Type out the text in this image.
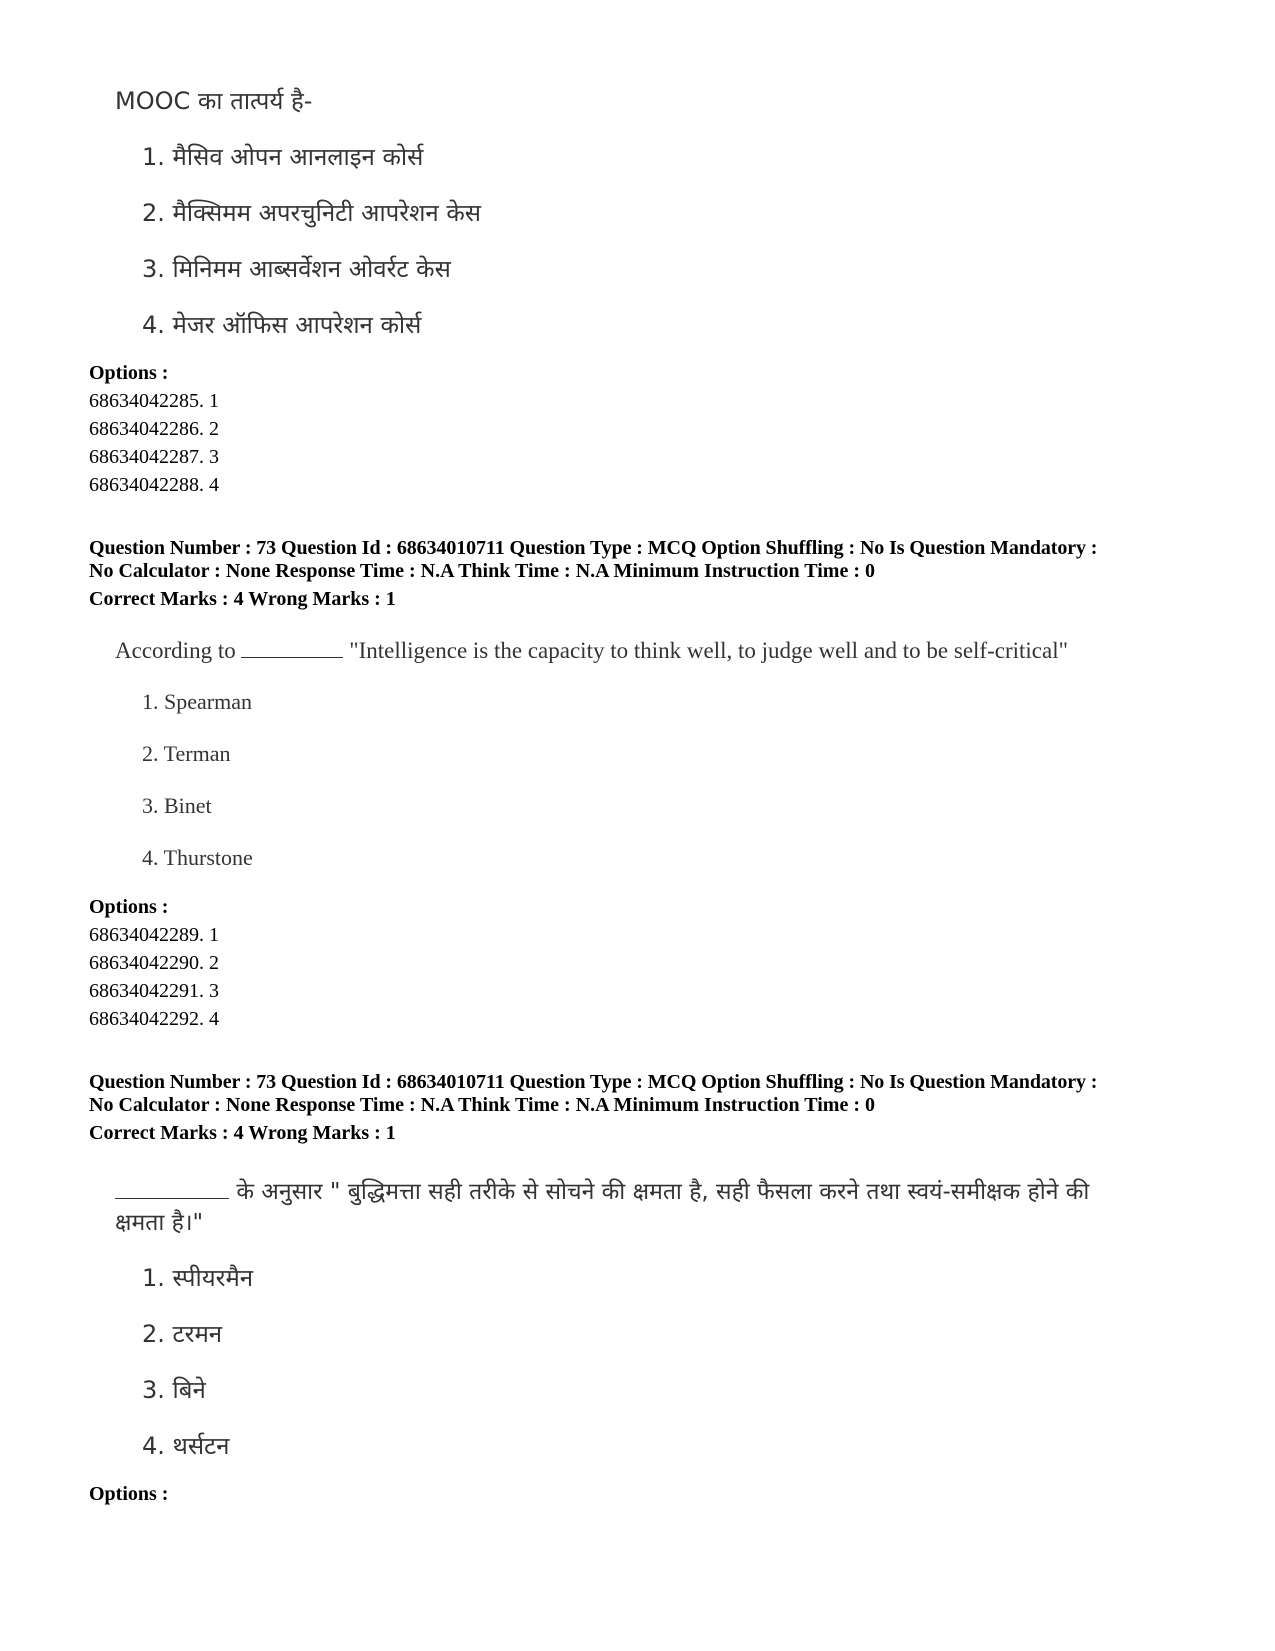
MOOC का तात्पर्य है-
1. मैसिव ओपन आनलाइन कोर्स
2. मैक्सिमम अपरचुनिटी आपरेशन केस
3. मिनिमम आब्सर्वेशन ओवर्रट केस
4. मेजर ऑफिस आपरेशन कोर्स
Options :
68634042285. 1
68634042286. 2
68634042287. 3
68634042288. 4
Question Number : 73 Question Id : 68634010711 Question Type : MCQ Option Shuffling : No Is Question Mandatory :
No Calculator : None Response Time : N.A Think Time : N.A Minimum Instruction Time : 0
Correct Marks : 4 Wrong Marks : 1
According to	"Intelligence is the capacity to think well, to judge well and to be self-critical"
1. Spearman
2. Terman
3. Binet
4. Thurstone
Options :
68634042289. 1
68634042290. 2
68634042291. 3
68634042292. 4
Question Number : 73 Question Id : 68634010711 Question Type : MCQ Option Shuffling : No Is Question Mandatory :
No Calculator : None Response Time : N.A Think Time : N.A Minimum Instruction Time : 0
Correct Marks : 4 Wrong Marks : 1
के अनुसार " बुद्धिमत्ता सही तरीके से सोचने की क्षमता है, सही फैसला करने तथा स्वयं-समीक्षक होने की
क्षमता है।"
1. स्पीयरमैन
2. टरमन
3. बिने
4. थर्सटन
Options :
